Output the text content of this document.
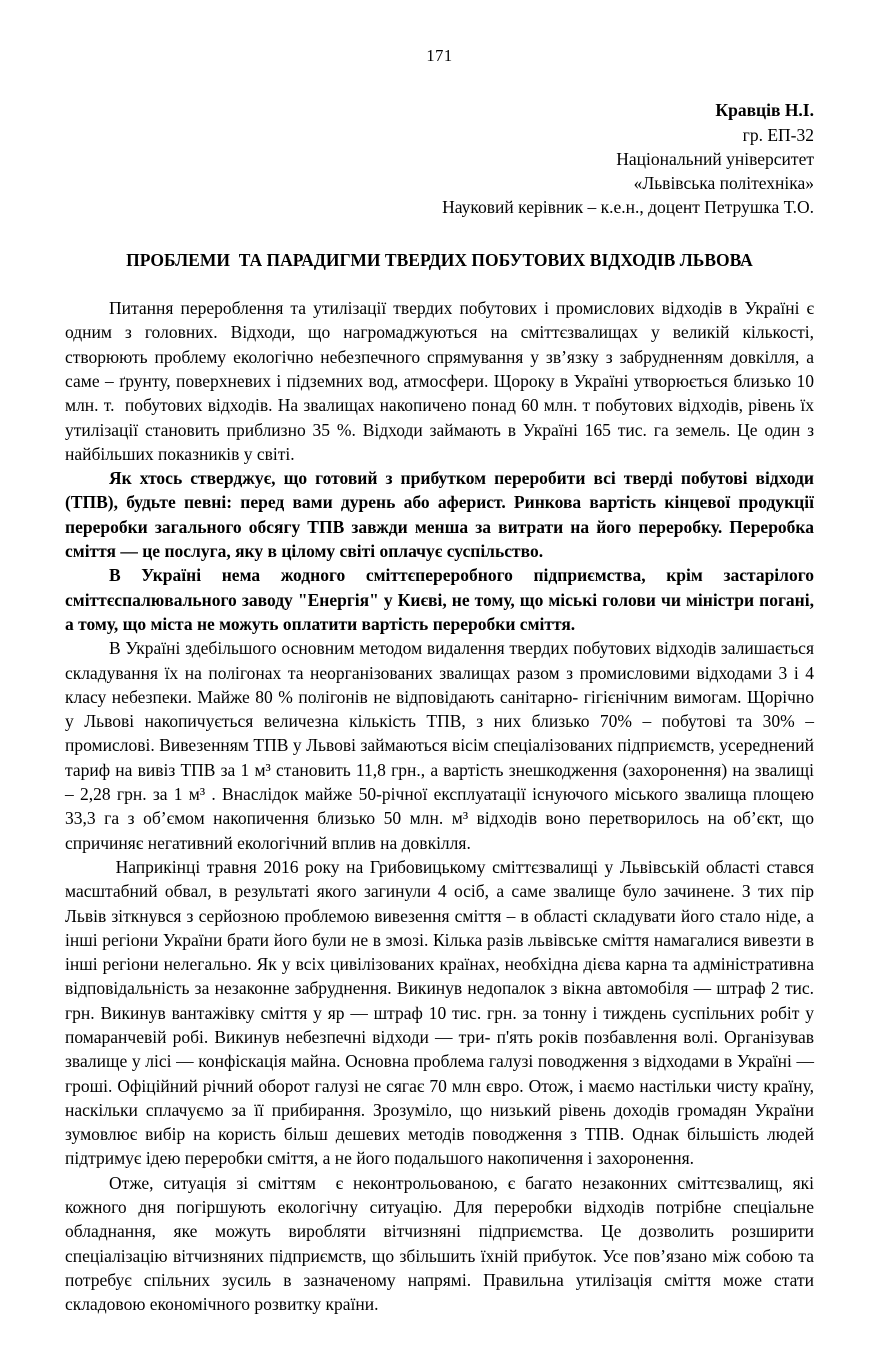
171
Кравців Н.І.
гр. ЕП-32
Національний університет
«Львівська політехніка»
Науковий керівник – к.е.н., доцент Петрушка Т.О.
ПРОБЛЕМИ  ТА ПАРАДИГМИ ТВЕРДИХ ПОБУТОВИХ ВІДХОДІВ ЛЬВОВА

Питання перероблення та утилізації твердих побутових і промислових відходів в Україні є одним з головних. Відходи, що нагромаджуються на сміттєзвалищах у великій кількості, створюють проблему екологічно небезпечного спрямування у зв’язку з забрудненням довкілля, а саме – ґрунту, поверхневих і підземних вод, атмосфери. Щороку в Україні утворюється близько 10 млн. т.  побутових відходів. На звалищах накопичено понад 60 млн. т побутових відходів, рівень їх утилізації становить приблизно 35 %. Відходи займають в Україні 165 тис. га земель. Це один з найбільших показників у світі.

Як хтось стверджує, що готовий з прибутком переробити всі тверді побутові відходи (ТПВ), будьте певні: перед вами дурень або аферист. Ринкова вартість кінцевої продукції переробки загального обсягу ТПВ завжди менша за витрати на його переробку. Переробка сміття — це послуга, яку в цілому світі оплачує суспільство.

В Україні нема жодного сміттєпереробного підприємства, крім застарілого сміттєспалювального заводу "Енергія" у Києві, не тому, що міські голови чи міністри погані, а тому, що міста не можуть оплатити вартість переробки сміття.

В Україні здебільшого основним методом видалення твердих побутових відходів залишається складування їх на полігонах та неорганізованих звалищах разом з промисловими відходами 3 і 4 класу небезпеки. Майже 80 % полігонів не відповідають санітарно- гігієнічним вимогам. Щорічно у Львові накопичується величезна кількість ТПВ, з них близько 70% – побутові та 30% – промислові. Вивезенням ТПВ у Львові займаються вісім спеціалізованих підприємств, усереднений тариф на вивіз ТПВ за 1 м³ становить 11,8 грн., а вартість знешкодження (захоронення) на звалищі – 2,28 грн. за 1 м³ . Внаслідок майже 50-річної експлуатації існуючого міського звалища площею 33,3 га з об’ємом накопичення близько 50 млн. м³ відходів воно перетворилось на об’єкт, що спричиняє негативний екологічний вплив на довкілля.

Наприкінці травня 2016 року на Грибовицькому сміттєзвалищі у Львівській області стався масштабний обвал, в результаті якого загинули 4 осіб, а саме звалище було зачинене. З тих пір Львів зіткнувся з серйозною проблемою вивезення сміття – в області складувати його стало ніде, а інші регіони України брати його були не в змозі. Кілька разів львівське сміття намагалися вивезти в інші регіони нелегально. Як у всіх цивілізованих країнах, необхідна дієва карна та адміністративна відповідальність за незаконне забруднення. Викинув недопалок з вікна автомобіля — штраф 2 тис. грн. Викинув вантажівку сміття у яр — штраф 10 тис. грн. за тонну і тиждень суспільних робіт у помаранчевій робі. Викинув небезпечні відходи — три- п'ять років позбавлення волі. Організував звалище у лісі — конфіскація майна. Основна проблема галузі поводження з відходами в Україні — гроші. Офіційний річний оборот галузі не сягає 70 млн євро. Отож, і маємо настільки чисту країну, наскільки сплачуємо за її прибирання. Зрозуміло, що низький рівень доходів громадян України зумовлює вибір на користь більш дешевих методів поводження з ТПВ. Однак більшість людей підтримує ідею переробки сміття, а не його подальшого накопичення і захоронення.

Отже, ситуація зі сміттям  є неконтрольованою, є багато незаконних сміттєзвалищ, які кожного дня погіршують екологічну ситуацію. Для переробки відходів потрібне спеціальне обладнання, яке можуть виробляти вітчизняні підприємства. Це дозволить розширити спеціалізацію вітчизняних підприємств, що збільшить їхній прибуток. Усе пов’язано між собою та потребує спільних зусиль в зазначеному напрямі. Правильна утилізація сміття може стати складовою економічного розвитку країни.
